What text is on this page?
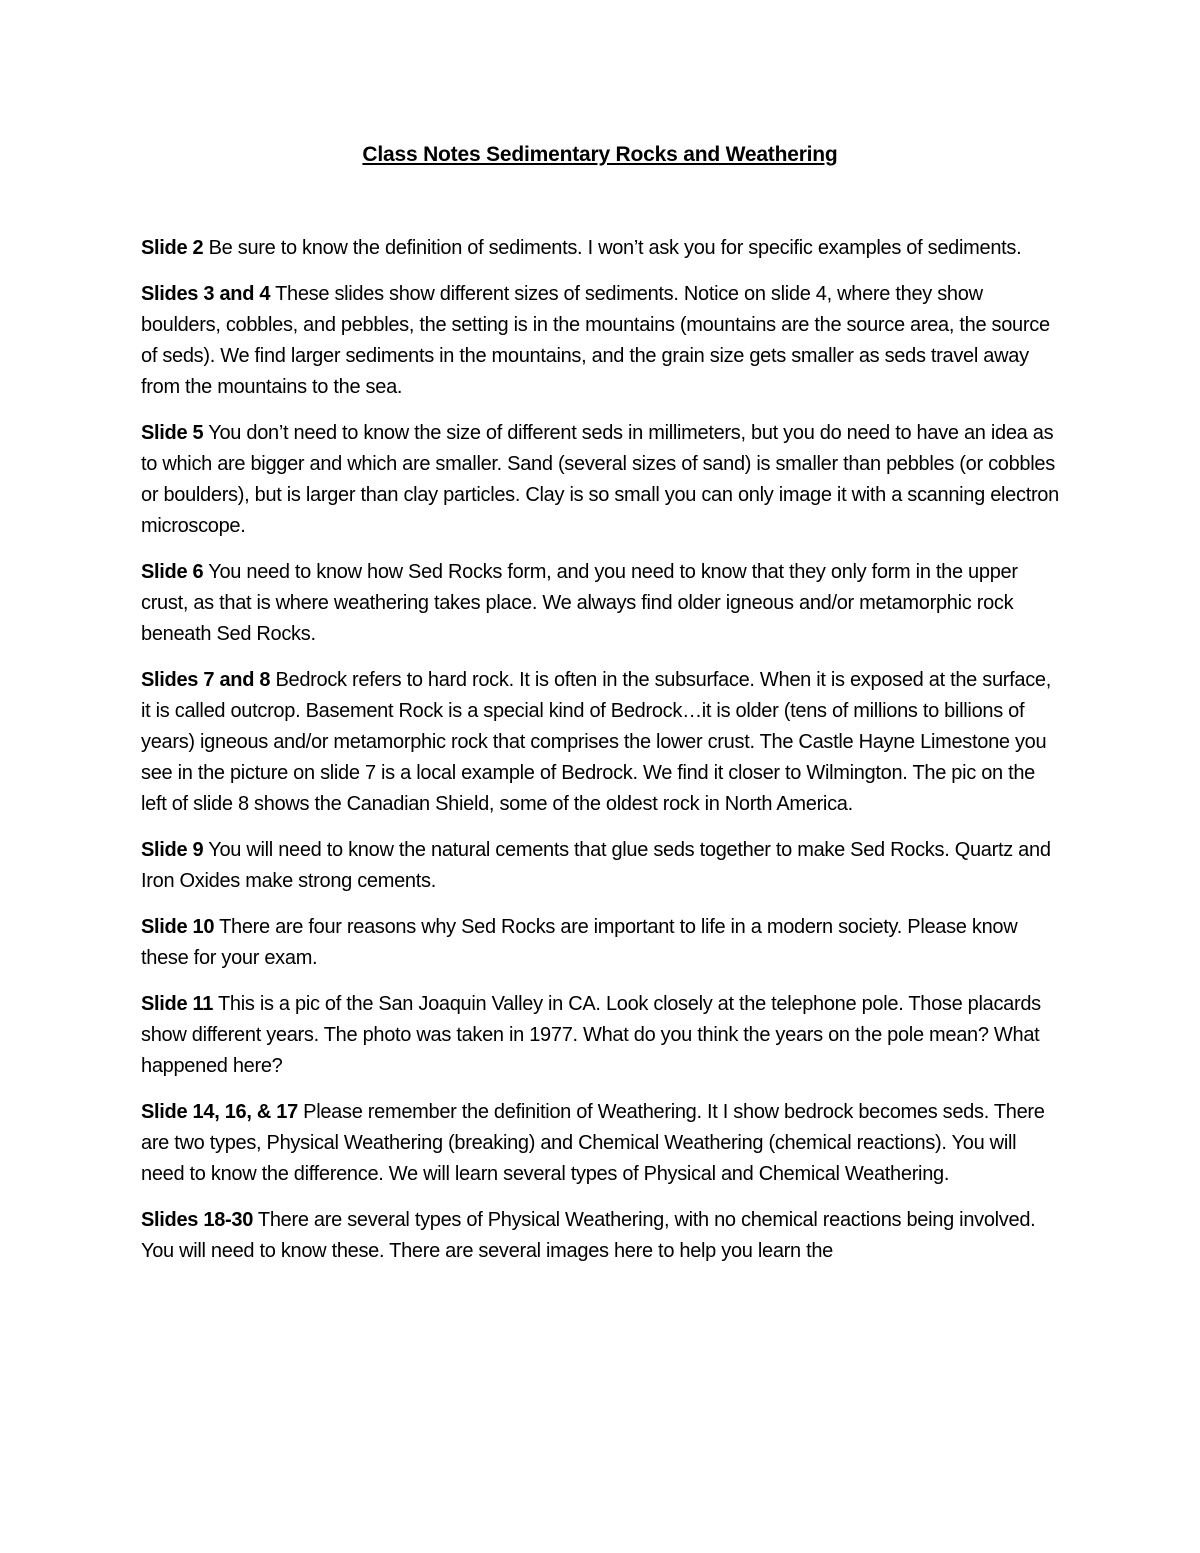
Class Notes Sedimentary Rocks and Weathering

Slide 2 Be sure to know the definition of sediments. I won’t ask you for specific examples of sediments.

Slides 3 and 4 These slides show different sizes of sediments. Notice on slide 4, where they show boulders, cobbles, and pebbles, the setting is in the mountains (mountains are the source area, the source of seds). We find larger sediments in the mountains, and the grain size gets smaller as seds travel away from the mountains to the sea.

Slide 5 You don’t need to know the size of different seds in millimeters, but you do need to have an idea as to which are bigger and which are smaller. Sand (several sizes of sand) is smaller than pebbles (or cobbles or boulders), but is larger than clay particles. Clay is so small you can only image it with a scanning electron microscope.

Slide 6 You need to know how Sed Rocks form, and you need to know that they only form in the upper crust, as that is where weathering takes place. We always find older igneous and/or metamorphic rock beneath Sed Rocks.

Slides 7 and 8 Bedrock refers to hard rock. It is often in the subsurface. When it is exposed at the surface, it is called outcrop. Basement Rock is a special kind of Bedrock…it is older (tens of millions to billions of years) igneous and/or metamorphic rock that comprises the lower crust. The Castle Hayne Limestone you see in the picture on slide 7 is a local example of Bedrock. We find it closer to Wilmington. The pic on the left of slide 8 shows the Canadian Shield, some of the oldest rock in North America.

Slide 9 You will need to know the natural cements that glue seds together to make Sed Rocks. Quartz and Iron Oxides make strong cements.

Slide 10 There are four reasons why Sed Rocks are important to life in a modern society. Please know these for your exam.

Slide 11 This is a pic of the San Joaquin Valley in CA. Look closely at the telephone pole. Those placards show different years. The photo was taken in 1977. What do you think the years on the pole mean? What happened here?

Slide 14, 16, & 17 Please remember the definition of Weathering. It I show bedrock becomes seds. There are two types, Physical Weathering (breaking) and Chemical Weathering (chemical reactions). You will need to know the difference. We will learn several types of Physical and Chemical Weathering.

Slides 18-30 There are several types of Physical Weathering, with no chemical reactions being involved. You will need to know these. There are several images here to help you learn the
